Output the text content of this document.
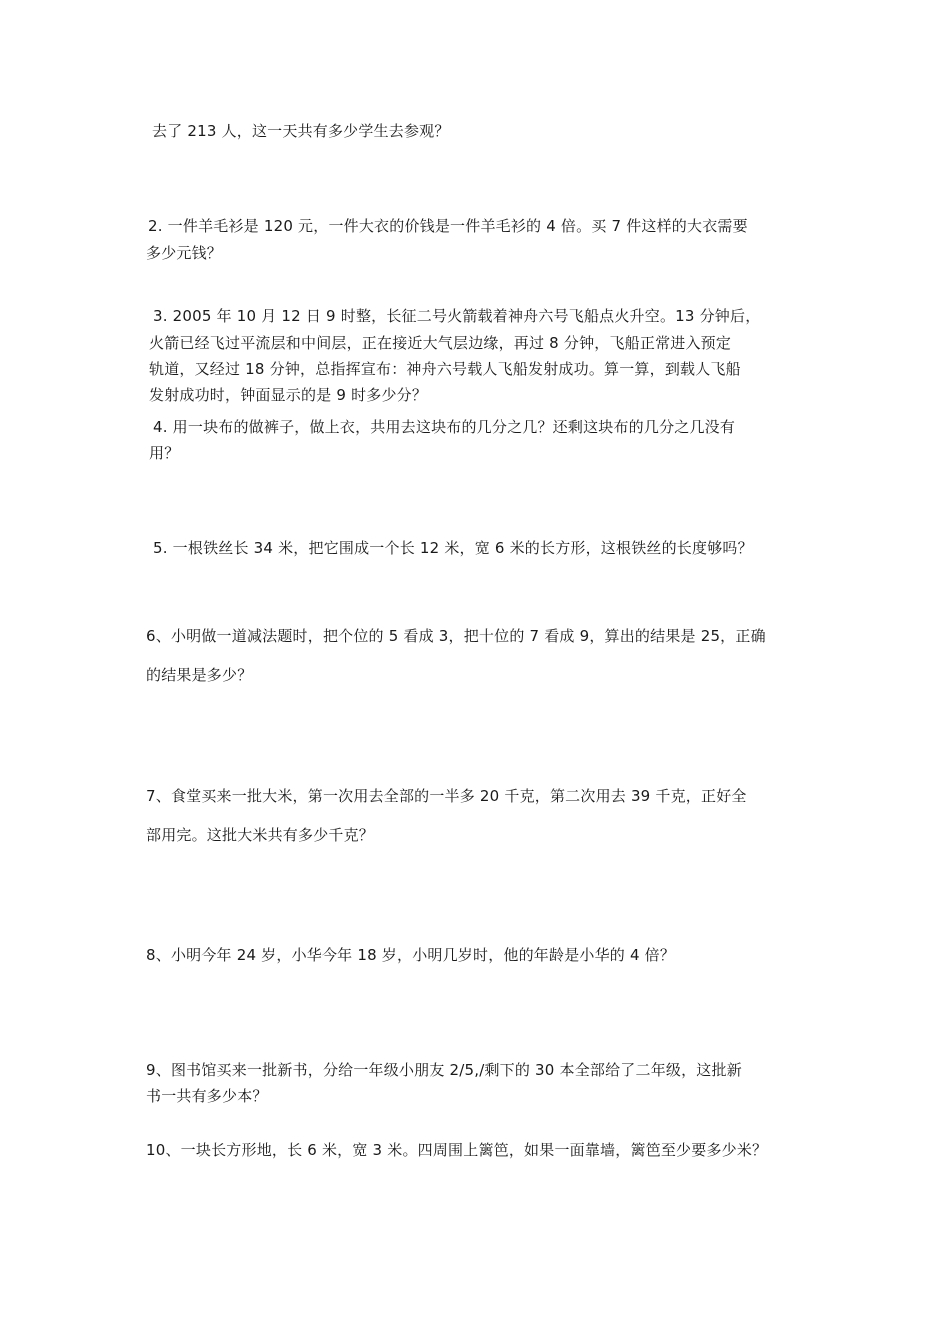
去了 213 人，这一天共有多少学生去参观？
2. 一件羊毛衫是 120 元，一件大衣的价钱是一件羊毛衫的 4 倍。买 7 件这样的大衣需要
多少元钱？
3. 2005 年 10 月 12 日 9 时整，长征二号火箭载着神舟六号飞船点火升空。13 分钟后，
火箭已经飞过平流层和中间层，正在接近大气层边缘，再过 8 分钟，飞船正常进入预定
轨道，又经过 18 分钟，总指挥宣布：神舟六号载人飞船发射成功。算一算，到载人飞船
发射成功时，钟面显示的是 9 时多少分？
4. 用一块布的做裤子，做上衣，共用去这块布的几分之几？还剩这块布的几分之几没有
用？
5. 一根铁丝长 34 米，把它围成一个长 12 米，宽 6 米的长方形，这根铁丝的长度够吗？
6、小明做一道减法题时，把个位的 5 看成 3，把十位的 7 看成 9，算出的结果是 25，正确
的结果是多少？
7、食堂买来一批大米，第一次用去全部的一半多 20 千克，第二次用去 39 千克，正好全
部用完。这批大米共有多少千克？
8、小明今年 24 岁，小华今年 18 岁，小明几岁时，他的年龄是小华的 4 倍？
9、图书馆买来一批新书，分给一年级小朋友 2/5,/剩下的 30 本全部给了二年级，这批新
书一共有多少本？
10、一块长方形地，长 6 米，宽 3 米。四周围上篱笆，如果一面靠墙，篱笆至少要多少米？
